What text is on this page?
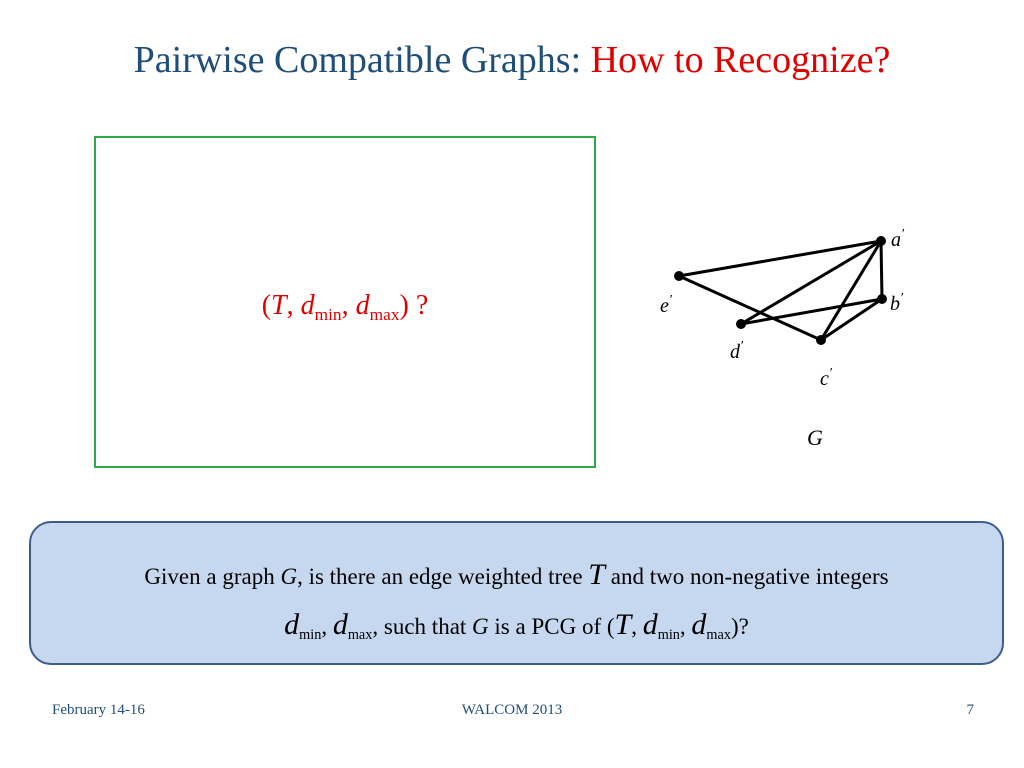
Pairwise Compatible Graphs: How to Recognize?
(T, $d_{min}$, $d_{max}$) ?
a′
b′
c′
d′
e′
G
Given a graph G, is there an edge weighted tree T and two non-negative integers
$d_{min}$, $d_{max}$, such that G is a PCG of (T, $d_{min}$, $d_{max}$)?
February 14-16	WALCOM 2013	7
